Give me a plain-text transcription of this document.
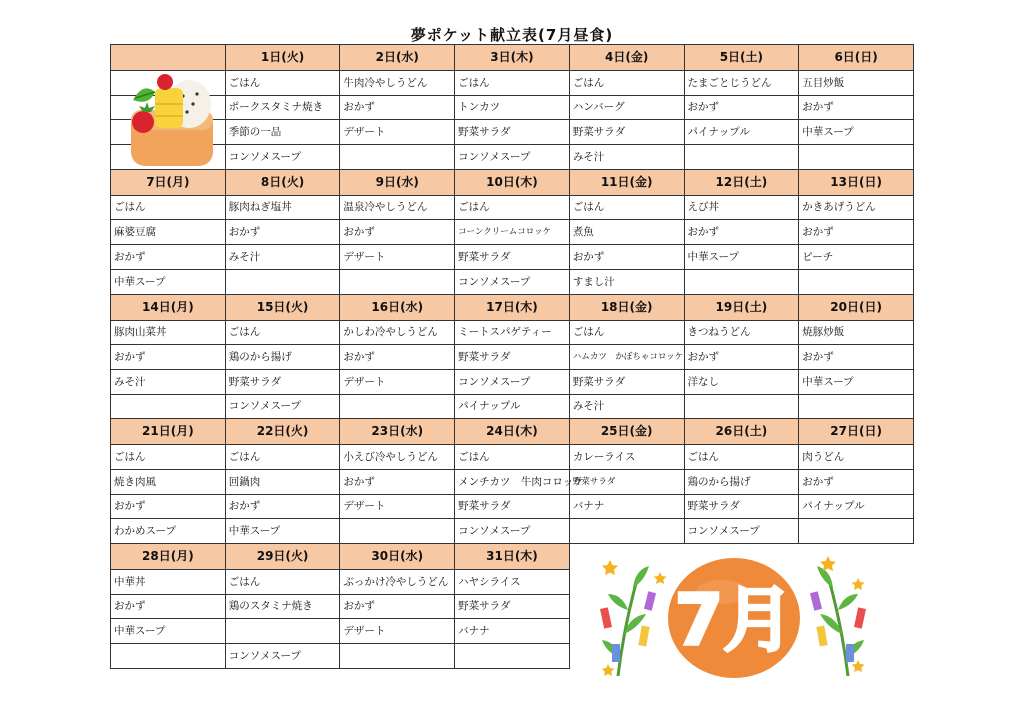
夢ポケット献立表(7月昼食)
	1日(火)	2日(水)	3日(木)	4日(金)	5日(土)	6日(日)
	ごはん	牛肉冷やしうどん	ごはん	ごはん	たまごとじうどん	五目炒飯
	ポークスタミナ焼き	おかず	トンカツ	ハンバーグ	おかず	おかず
	季節の一品	デザート	野菜サラダ	野菜サラダ	パイナップル	中華スープ
	コンソメスープ		コンソメスープ	みそ汁		
7日(月)	8日(火)	9日(水)	10日(木)	11日(金)	12日(土)	13日(日)
ごはん	豚肉ねぎ塩丼	温泉冷やしうどん	ごはん	ごはん	えび丼	かきあげうどん
麻婆豆腐	おかず	おかず	コーンクリームコロッケ	煮魚	おかず	おかず
おかず	みそ汁	デザート	野菜サラダ	おかず	中華スープ	ピーチ
中華スープ			コンソメスープ	すまし汁		
14日(月)	15日(火)	16日(水)	17日(木)	18日(金)	19日(土)	20日(日)
豚肉山菜丼	ごはん	かしわ冷やしうどん	ミートスパゲティー	ごはん	きつねうどん	焼豚炒飯
おかず	鶏のから揚げ	おかず	野菜サラダ	ハムカツ　かぼちゃコロッケ	おかず	おかず
みそ汁	野菜サラダ	デザート	コンソメスープ	野菜サラダ	洋なし	中華スープ
	コンソメスープ		パイナップル	みそ汁		
21日(月)	22日(火)	23日(水)	24日(木)	25日(金)	26日(土)	27日(日)
ごはん	ごはん	小えび冷やしうどん	ごはん	カレーライス	ごはん	肉うどん
焼き肉風	回鍋肉	おかず	メンチカツ　牛肉コロッケ	野菜サラダ	鶏のから揚げ	おかず
おかず	おかず	デザート	野菜サラダ	バナナ	野菜サラダ	パイナップル
わかめスープ	中華スープ		コンソメスープ		コンソメスープ	
28日(月)	29日(火)	30日(水)	31日(木)			
中華丼	ごはん	ぶっかけ冷やしうどん	ハヤシライス			
おかず	鶏のスタミナ焼き	おかず	野菜サラダ			
中華スープ		デザート	バナナ			
	コンソメスープ						7月
